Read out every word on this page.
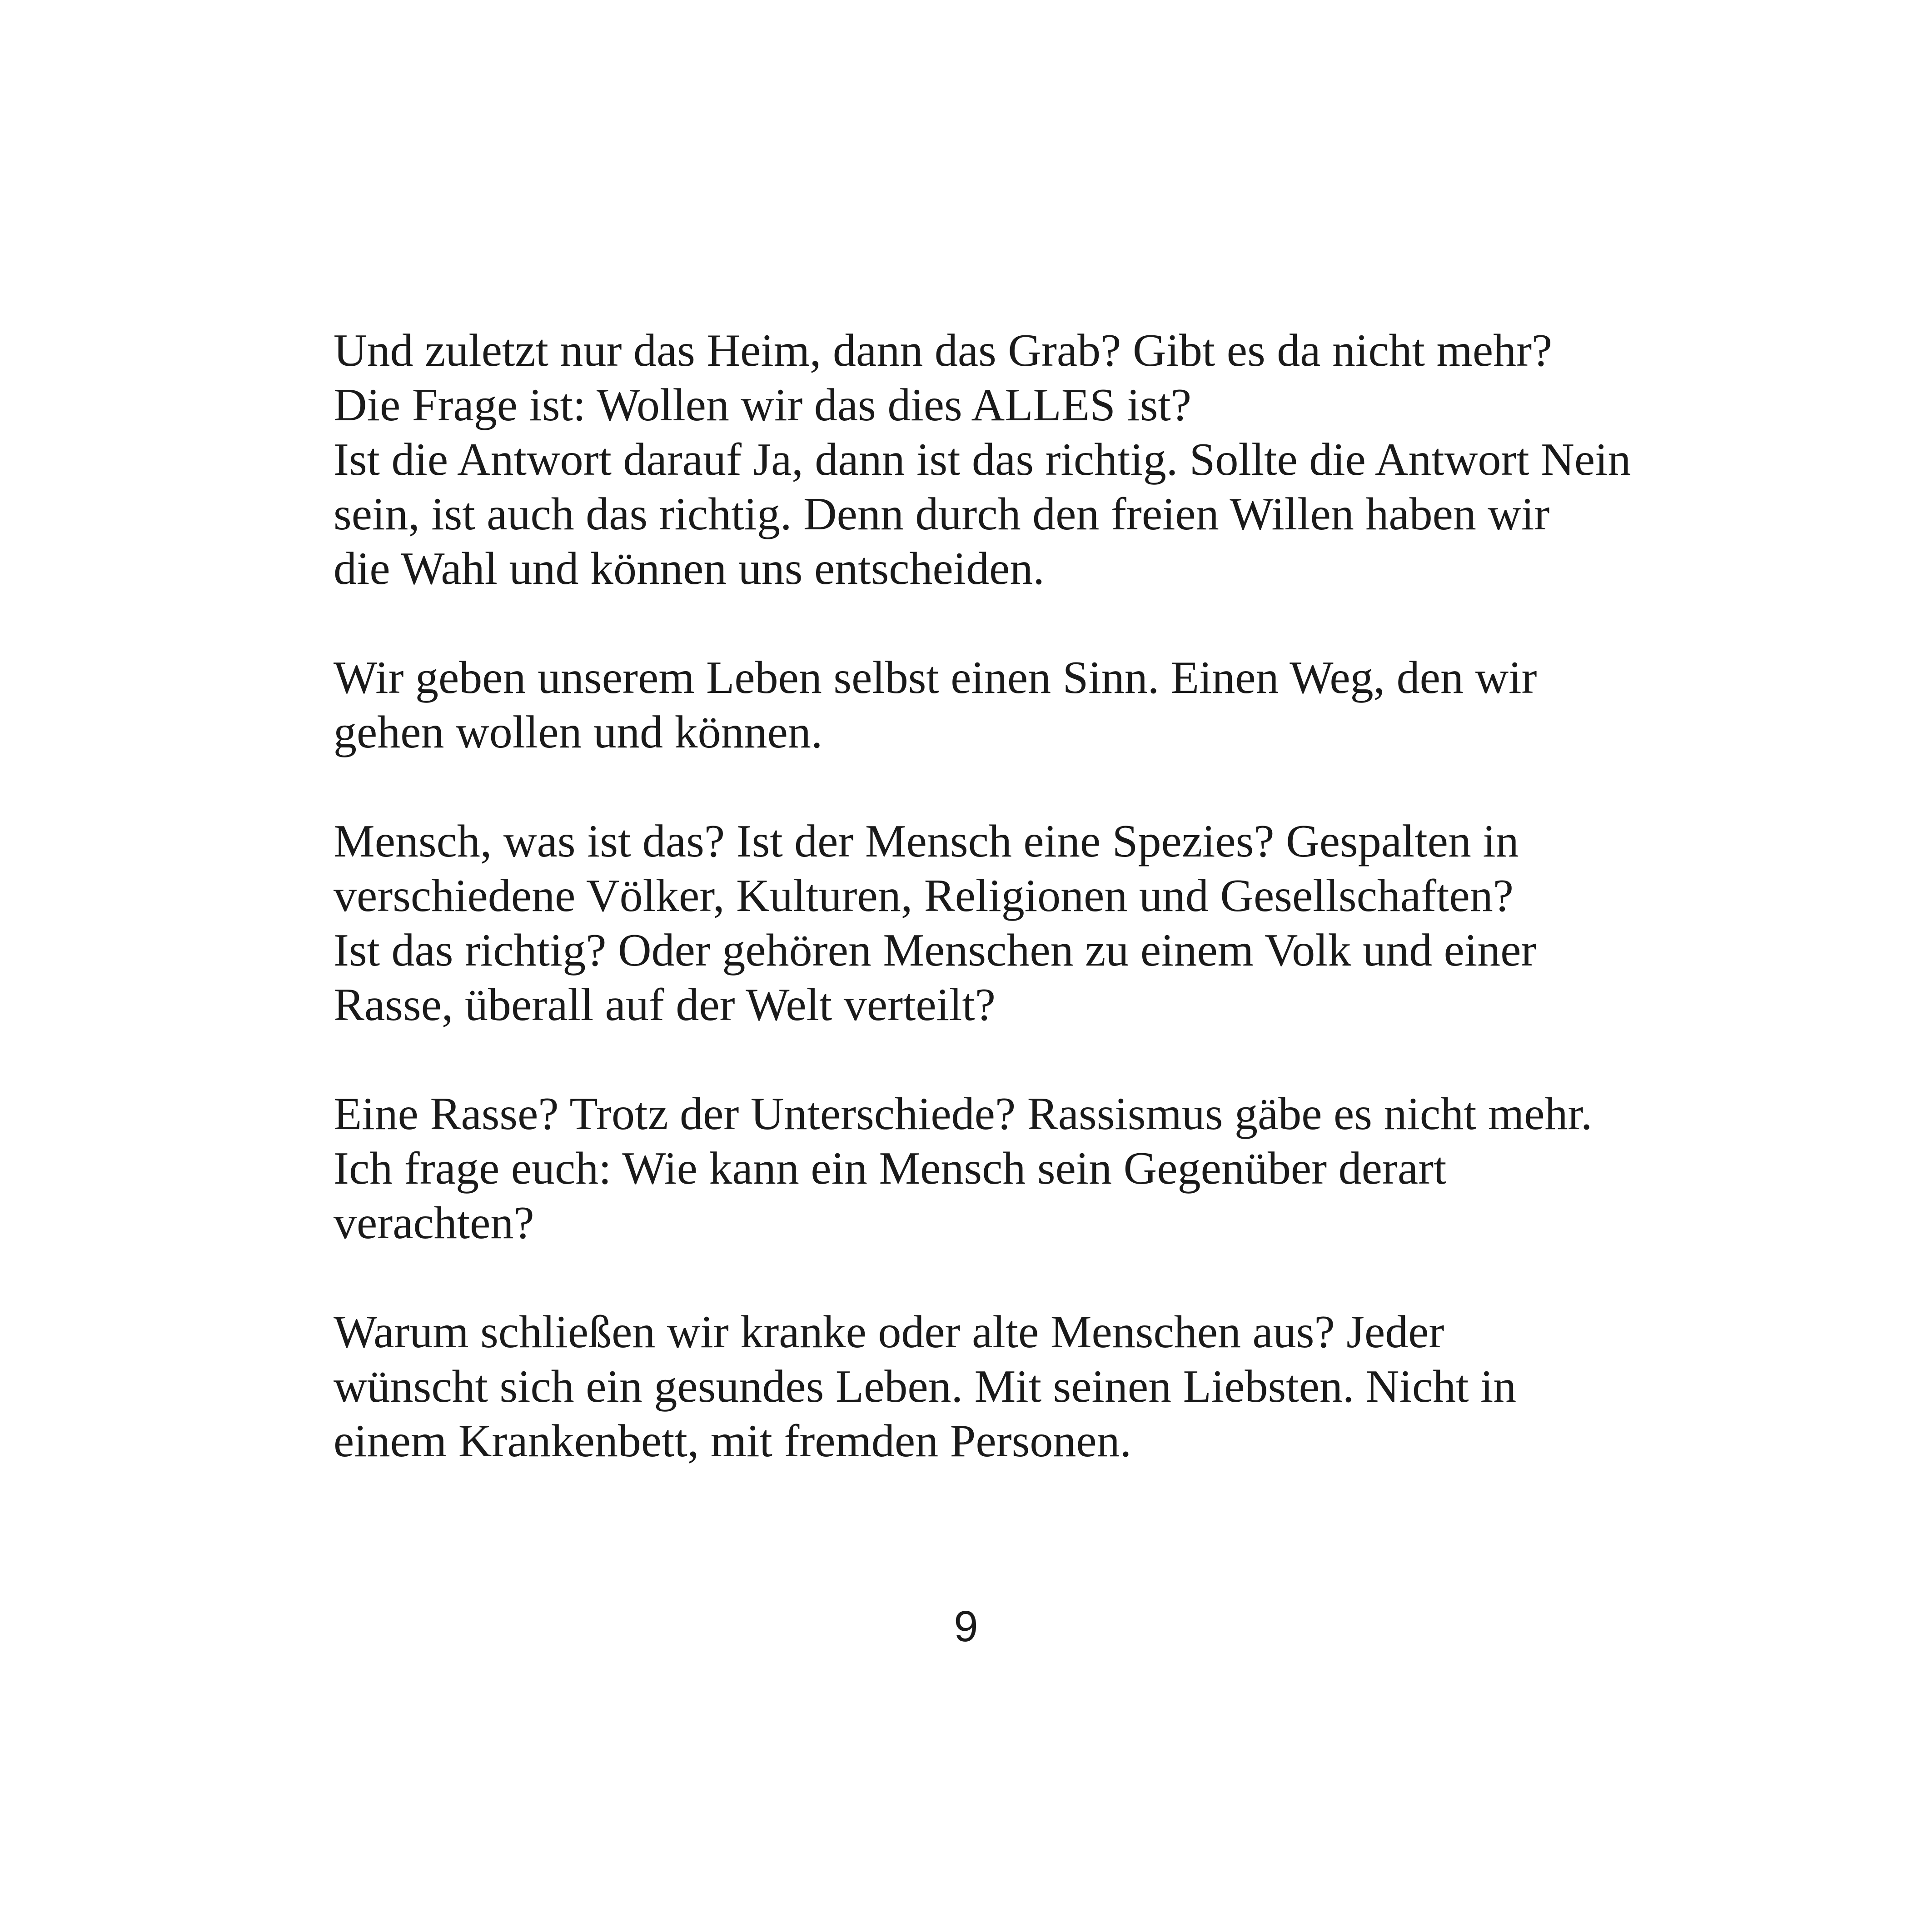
Und zuletzt nur das Heim, dann das Grab? Gibt es da nicht mehr?
Die Frage ist: Wollen wir das dies ALLES ist?
Ist die Antwort darauf Ja, dann ist das richtig. Sollte die Antwort Nein
sein, ist auch das richtig. Denn durch den freien Willen haben wir
die Wahl und können uns entscheiden.

Wir geben unserem Leben selbst einen Sinn. Einen Weg, den wir
gehen wollen und können.

Mensch, was ist das? Ist der Mensch eine Spezies? Gespalten in
verschiedene Völker, Kulturen, Religionen und Gesellschaften?
Ist das richtig? Oder gehören Menschen zu einem Volk und einer
Rasse, überall auf der Welt verteilt?

Eine Rasse? Trotz der Unterschiede? Rassismus gäbe es nicht mehr.
Ich frage euch: Wie kann ein Mensch sein Gegenüber derart
verachten?

Warum schließen wir kranke oder alte Menschen aus? Jeder
wünscht sich ein gesundes Leben. Mit seinen Liebsten. Nicht in
einem Krankenbett, mit fremden Personen.

9
